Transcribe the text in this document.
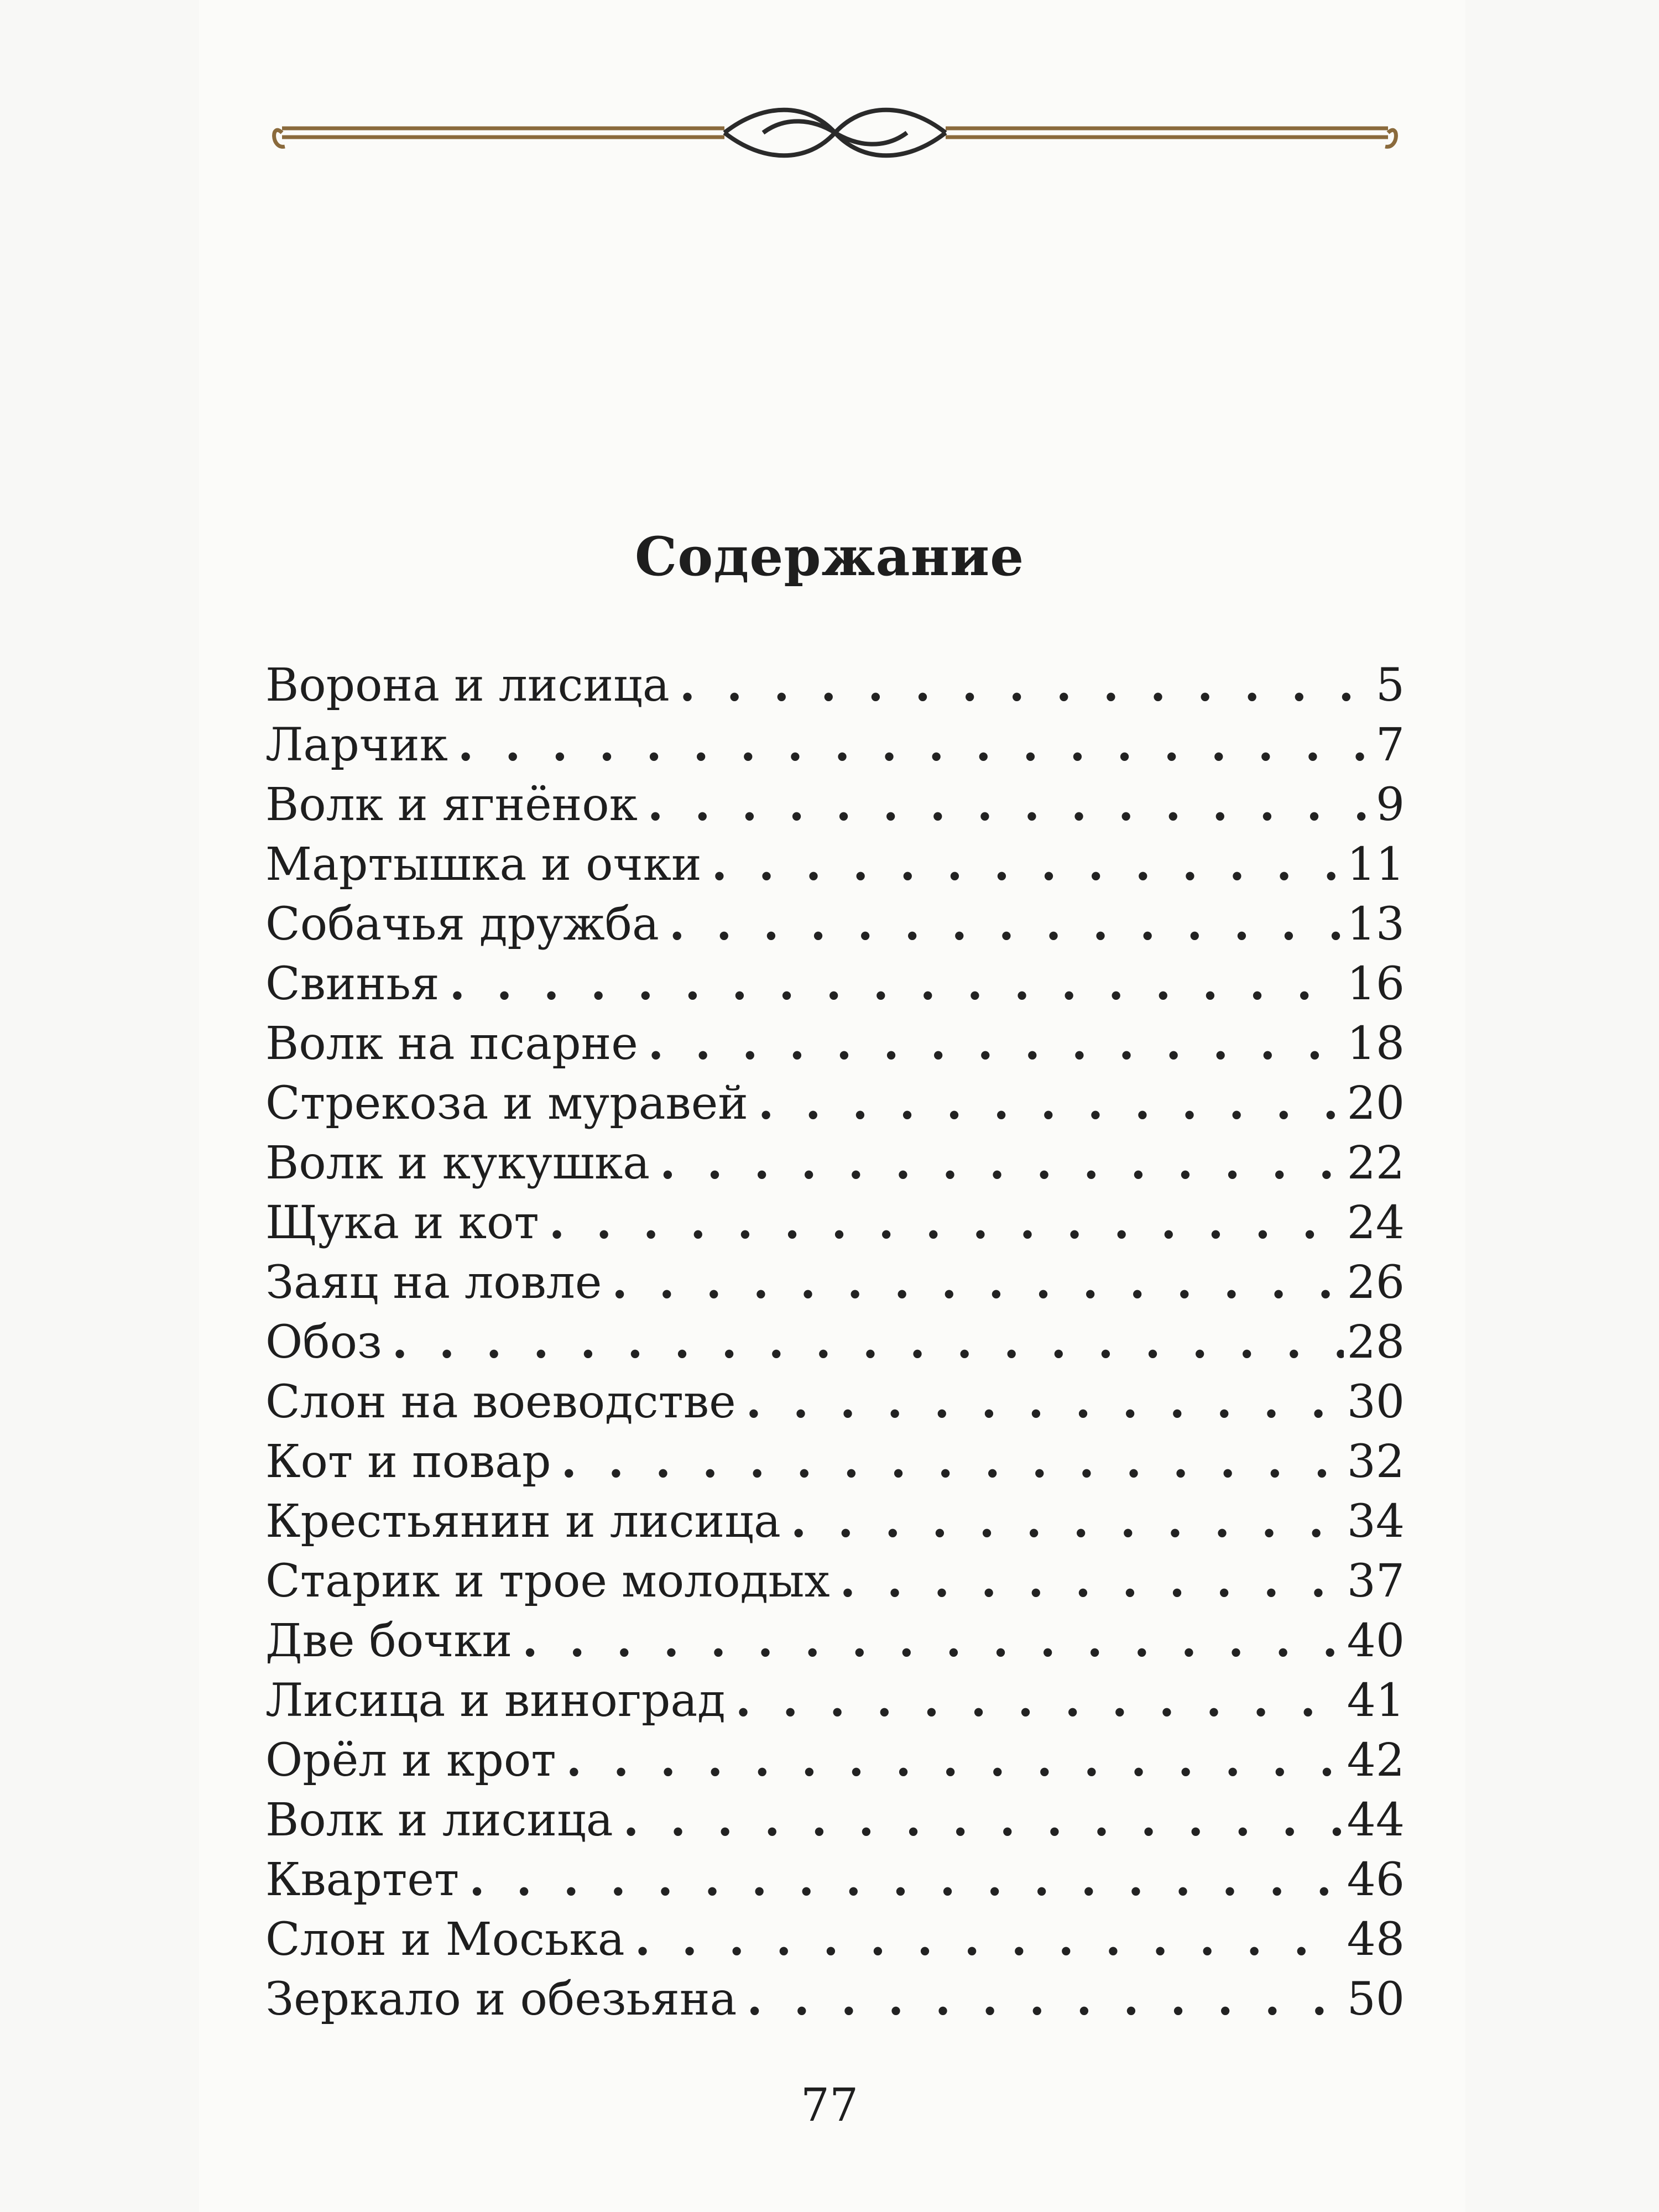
Содержание
Ворона и лисица . . .	5
Ларчик . . .	7
Волк и ягнёнок . . .	9
Мартышка и очки . . .	11
Собачья дружба . . .	13
Свинья . . .	16
Волк на псарне . . .	18
Стрекоза и муравей . . .	20
Волк и кукушка . . .	22
Щука и кот . . .	24
Заяц на ловле . . .	26
Обоз . . .	28
Слон на воеводстве . . .	30
Кот и повар . . .	32
Крестьянин и лисица . . .	34
Старик и трое молодых . . .	37
Две бочки . . .	40
Лисица и виноград . . .	41
Орёл и крот . . .	42
Волк и лисица . . .	44
Квартет . . .	46
Слон и Моська . . .	48
Зеркало и обезьяна . . .	50
77
